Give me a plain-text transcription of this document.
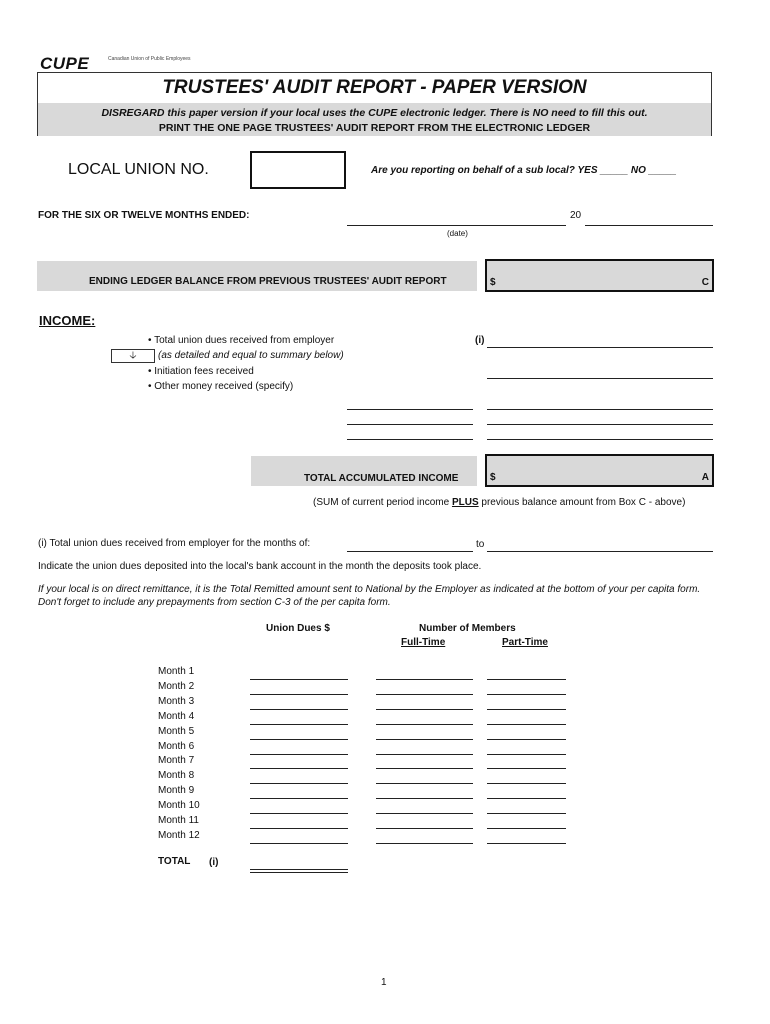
CUPE	Canadian Union of Public Employees
TRUSTEES' AUDIT REPORT - PAPER VERSION
DISREGARD this paper version if your local uses the CUPE electronic ledger. There is NO need to fill this out.
PRINT THE ONE PAGE TRUSTEES' AUDIT REPORT FROM THE ELECTRONIC LEDGER
LOCAL UNION NO.	Are you reporting on behalf of a sub local? YES _____ NO _____
FOR THE SIX OR TWELVE MONTHS ENDED:	20
(date)
ENDING LEDGER BALANCE FROM PREVIOUS TRUSTEES' AUDIT REPORT	$	C
INCOME:
• Total union dues received from employer
🡣	(as detailed and equal to summary below)
• Initiation fees received
• Other money received (specify)
(i)
TOTAL ACCUMULATED INCOME	$	A
(SUM of current period income PLUS previous balance amount from Box C - above)
(i) Total union dues received from employer for the months of:	to
Indicate the union dues deposited into the local's bank account in the month the deposits took place.
If your local is on direct remittance, it is the Total Remitted amount sent to National by the Employer as indicated at the bottom of your per capita form. Don't forget to include any prepayments from section C-3 of the per capita form.
Union Dues $	Number of Members
Full-Time	Part-Time
Month 1
Month 2
Month 3
Month 4
Month 5
Month 6
Month 7
Month 8
Month 9
Month 10
Month 11
Month 12
TOTAL (i)
1
